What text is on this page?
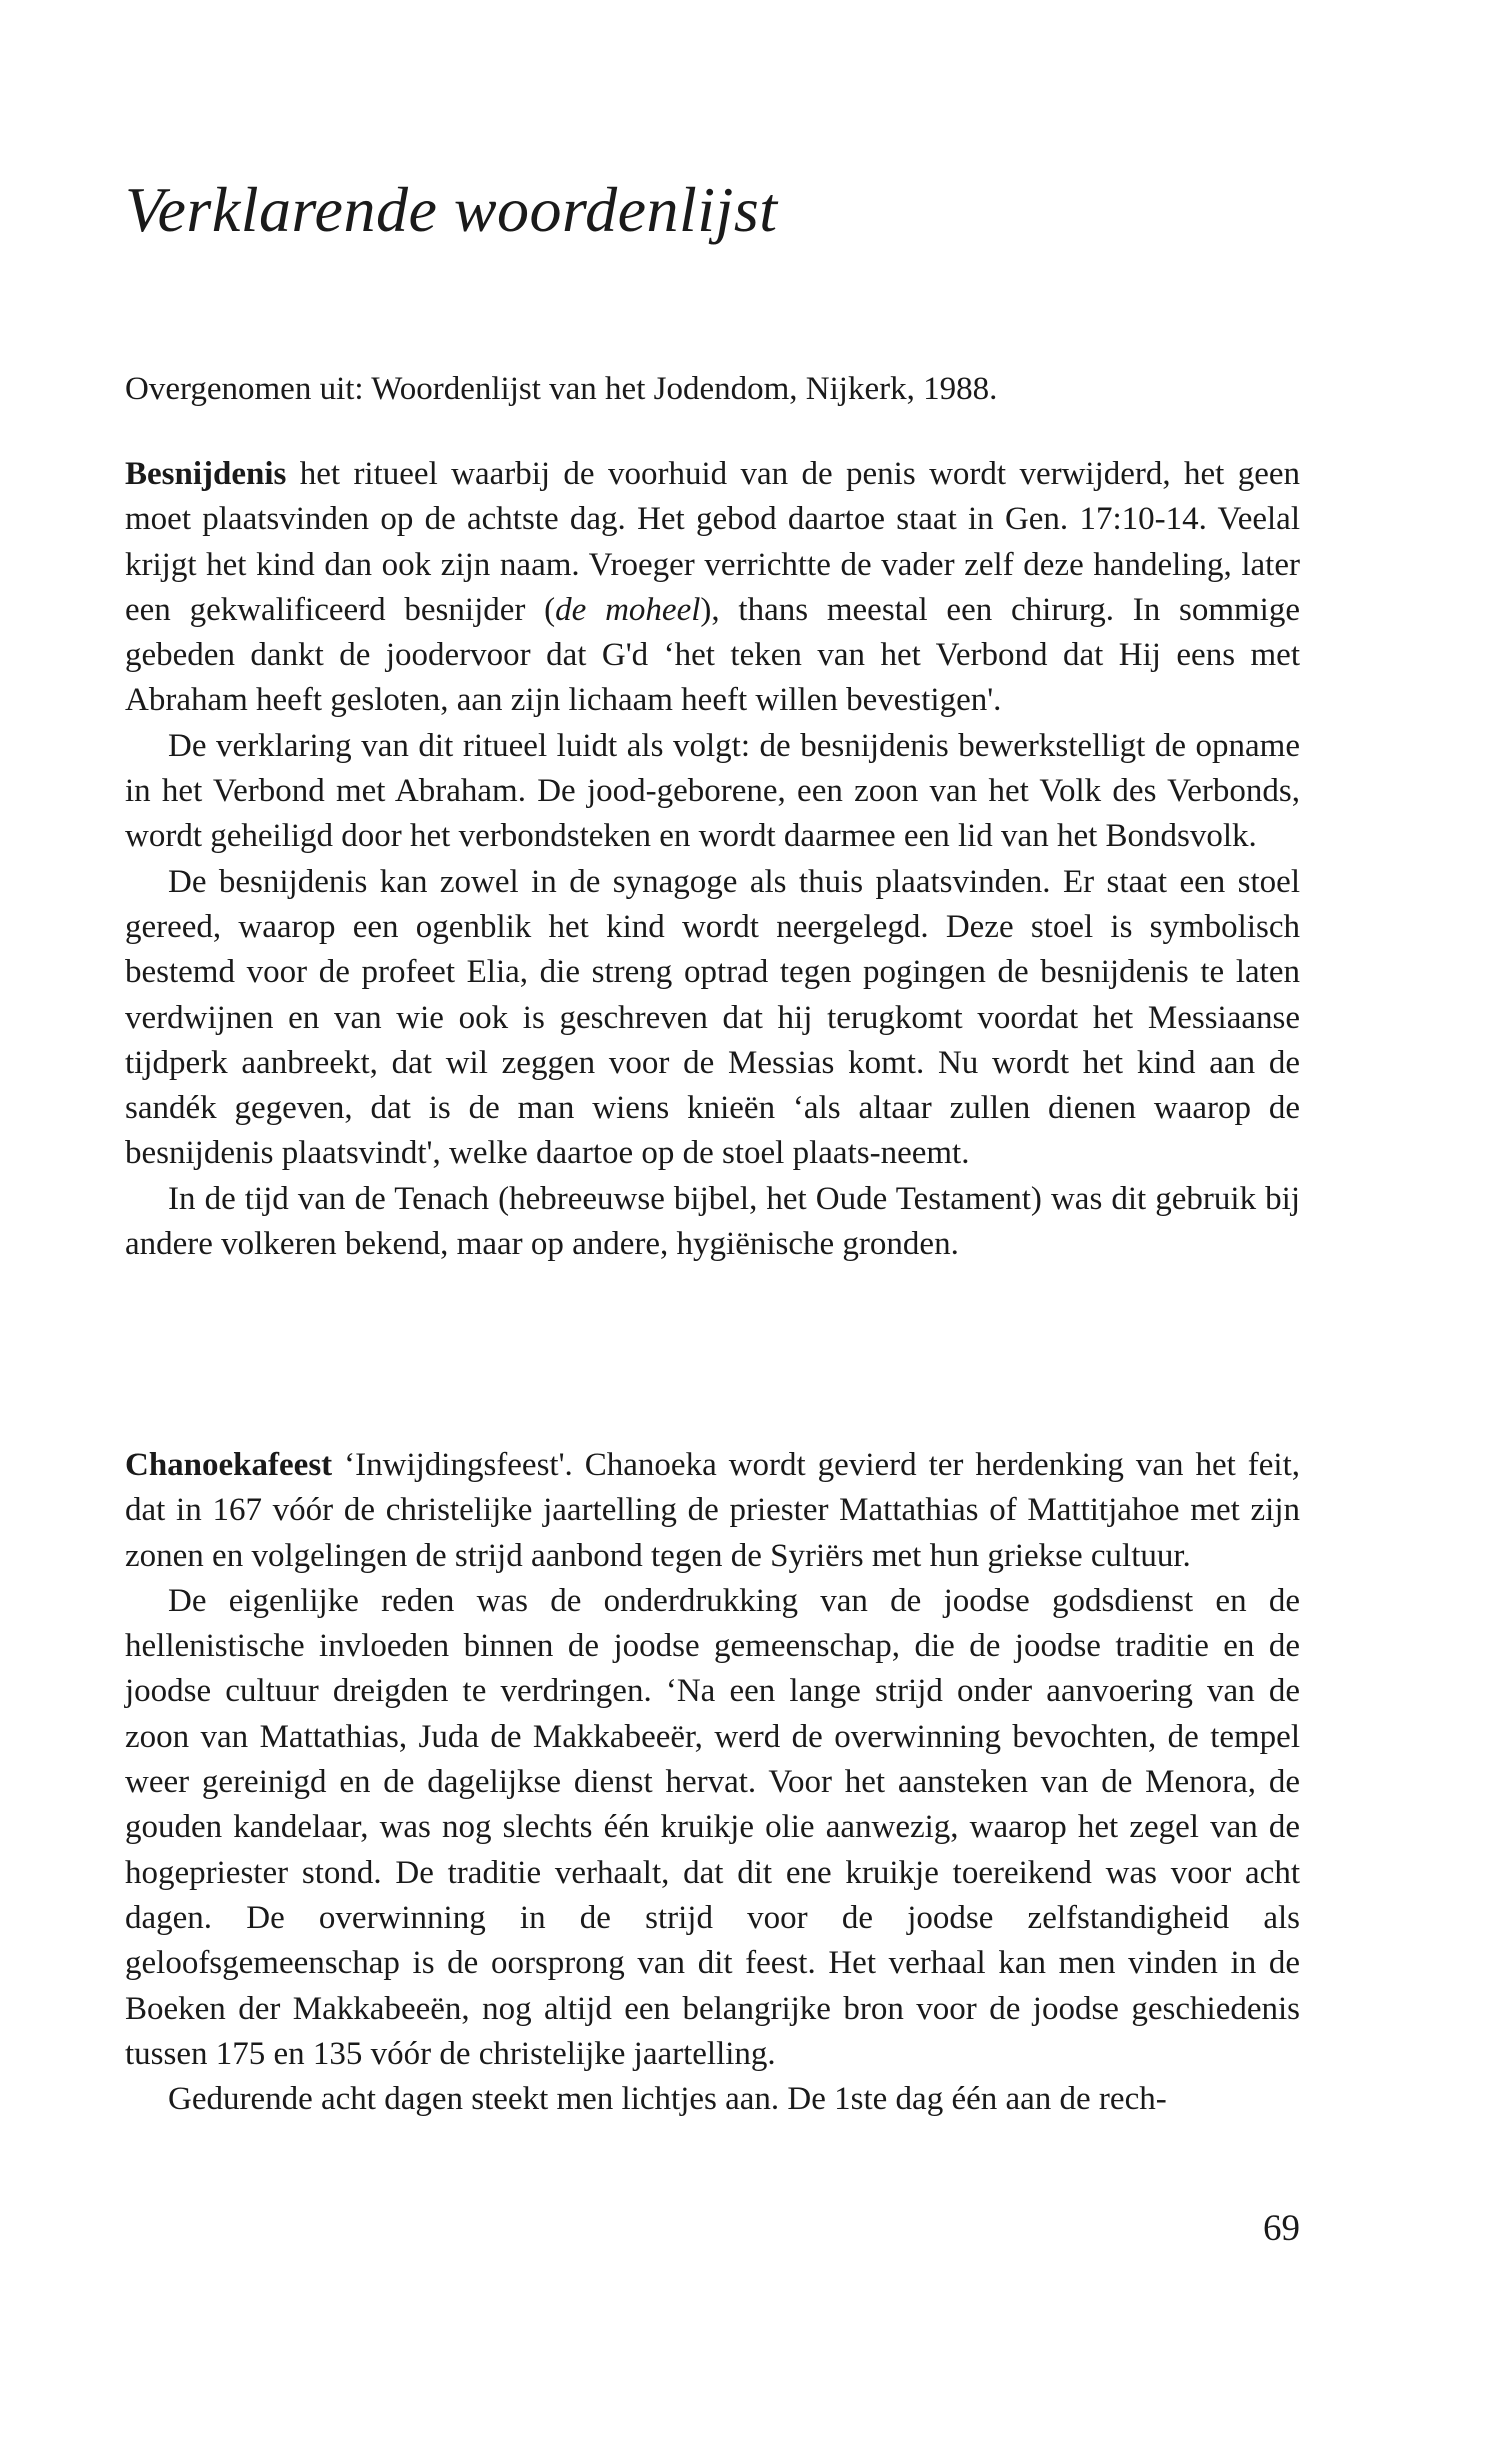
Verklarende woordenlijst

Overgenomen uit: Woordenlijst van het Jodendom, Nijkerk, 1988.

Besnijdenis het ritueel waarbij de voorhuid van de penis wordt verwijderd, het geen moet plaatsvinden op de achtste dag. Het gebod daartoe staat in Gen. 17:10-14. Veelal krijgt het kind dan ook zijn naam. Vroeger verrichtte de vader zelf deze handeling, later een gekwalificeerd besnijder (de moheel), thans meestal een chirurg. In sommige gebeden dankt de joodervoor dat G'd ‘het teken van het Verbond dat Hij eens met Abraham heeft gesloten, aan zijn lichaam heeft willen bevestigen'.

De verklaring van dit ritueel luidt als volgt: de besnijdenis bewerkstelligt de opname in het Verbond met Abraham. De jood-geborene, een zoon van het Volk des Verbonds, wordt geheiligd door het verbondsteken en wordt daarmee een lid van het Bondsvolk.

De besnijdenis kan zowel in de synagoge als thuis plaatsvinden. Er staat een stoel gereed, waarop een ogenblik het kind wordt neergelegd. Deze stoel is symbolisch bestemd voor de profeet Elia, die streng optrad tegen pogingen de besnijdenis te laten verdwijnen en van wie ook is geschreven dat hij terugkomt voordat het Messiaanse tijdperk aanbreekt, dat wil zeggen voor de Messias komt. Nu wordt het kind aan de sandék gegeven, dat is de man wiens knieën ‘als altaar zullen dienen waarop de besnijdenis plaatsvindt', welke daartoe op de stoel plaats-neemt.

In de tijd van de Tenach (hebreeuwse bijbel, het Oude Testament) was dit gebruik bij andere volkeren bekend, maar op andere, hygiënische gronden.

Chanoekafeest ‘Inwijdingsfeest'. Chanoeka wordt gevierd ter herdenking van het feit, dat in 167 vóór de christelijke jaartelling de priester Mattathias of Mattitjahoe met zijn zonen en volgelingen de strijd aanbond tegen de Syriërs met hun griekse cultuur.

De eigenlijke reden was de onderdrukking van de joodse godsdienst en de hellenistische invloeden binnen de joodse gemeenschap, die de joodse traditie en de joodse cultuur dreigden te verdringen. ‘Na een lange strijd onder aanvoering van de zoon van Mattathias, Juda de Makkabeeër, werd de overwinning bevochten, de tempel weer gereinigd en de dagelijkse dienst hervat. Voor het aansteken van de Menora, de gouden kandelaar, was nog slechts één kruikje olie aanwezig, waarop het zegel van de hogepriester stond. De traditie verhaalt, dat dit ene kruikje toereikend was voor acht dagen. De overwinning in de strijd voor de joodse zelfstandigheid als geloofsgemeenschap is de oorsprong van dit feest. Het verhaal kan men vinden in de Boeken der Makkabeeën, nog altijd een belangrijke bron voor de joodse geschiedenis tussen 175 en 135 vóór de christelijke jaartelling.

Gedurende acht dagen steekt men lichtjes aan. De 1ste dag één aan de rech-

69
